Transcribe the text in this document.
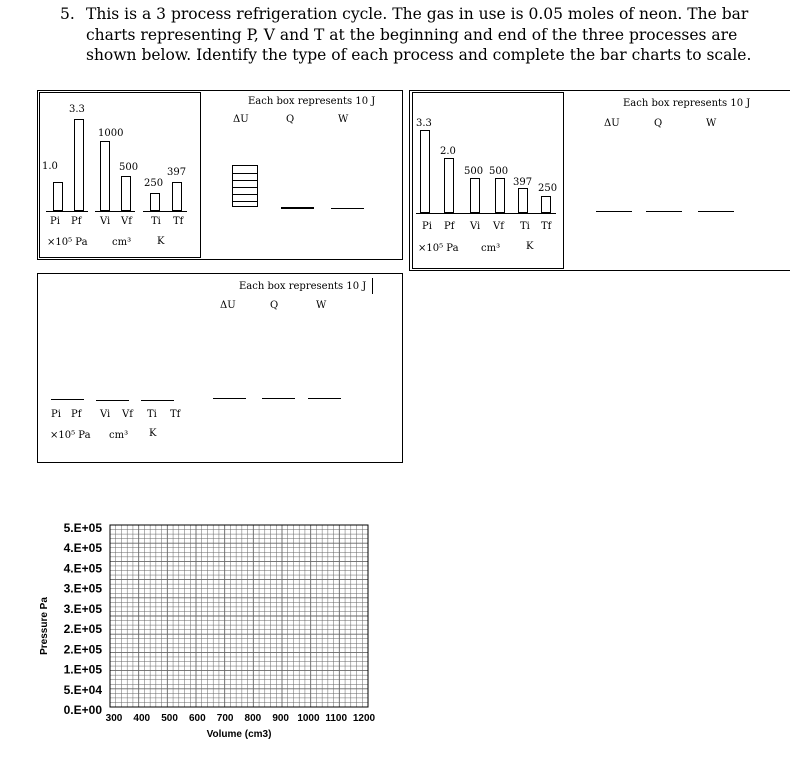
5. This is a 3 process refrigeration cycle. The gas in use is 0.05 moles of neon. The bar charts representing P, V and T at the beginning and end of the three processes are shown below. Identify the type of each process and complete the bar charts to scale.
3.3
1.0
1000
500
250
397
Pi Pf Vi Vf Ti Tf
×10⁵ Pa cm³	K
Each box represents 10 J
ΔU	Q	W
Each box represents 10 J
ΔU	Q	W
3.3
2.0
500 500
397
250
Pi Pf Vi Vf Ti Tf
×10⁵ Pa cm³	K
Each box represents 10 J
ΔU	Q	W
Pi Pf Vi Vf Ti Tf
×10⁵ Pa cm³ K
5.E+05
4.E+05
4.E+05
3.E+05
3.E+05
2.E+05
2.E+05
1.E+05
5.E+04
0.E+00
300 400 500 600 700 800 900 1000 1100 1200
Volume (cm3)
Pressure Pa
